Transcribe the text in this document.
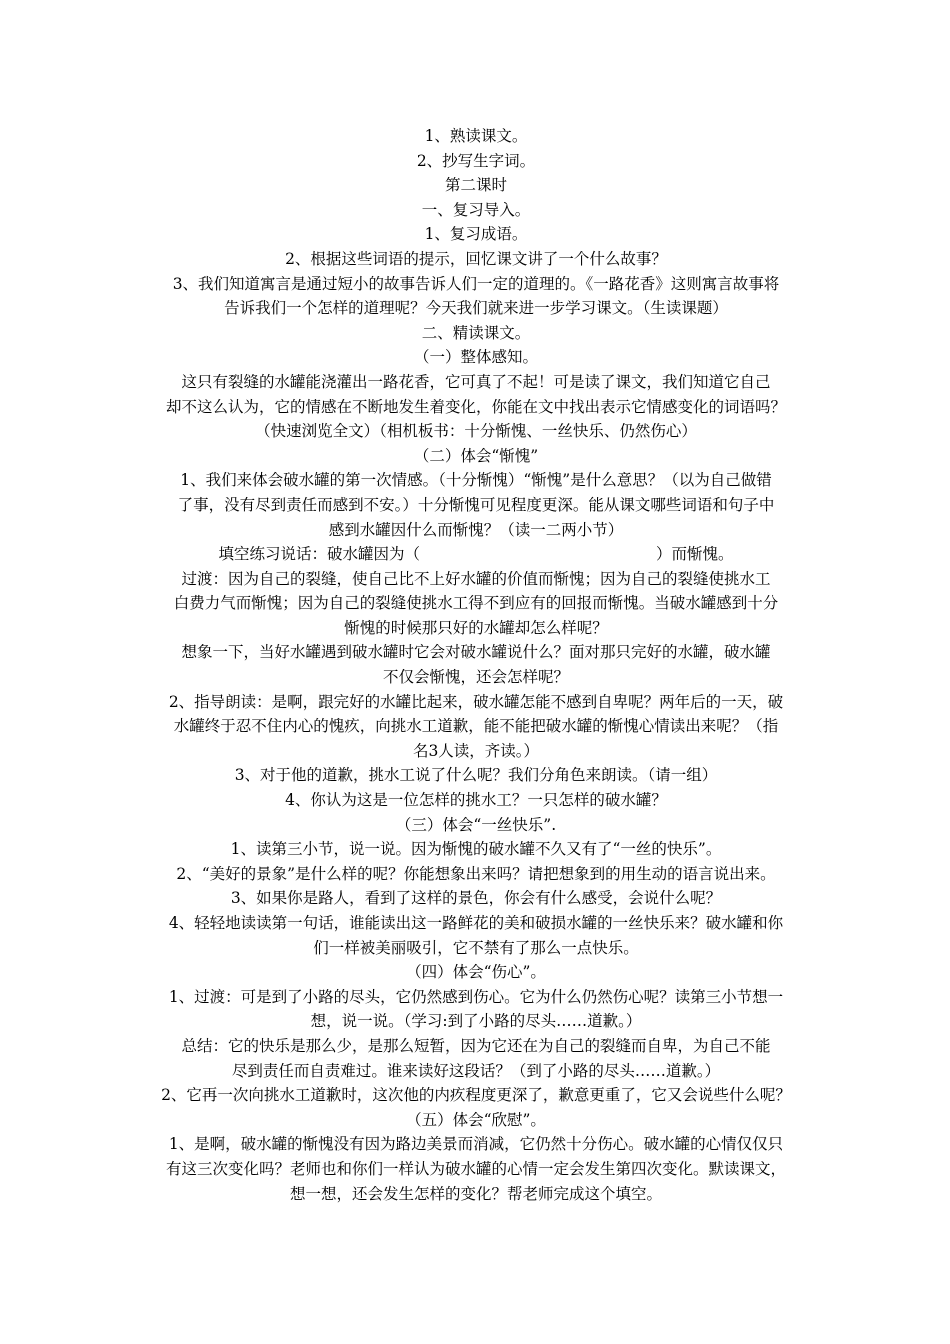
1、熟读课文。
2、抄写生字词。
第二课时
一、复习导入。
1、复习成语。
2、根据这些词语的提示，回忆课文讲了一个什么故事？
3、我们知道寓言是通过短小的故事告诉人们一定的道理的。《一路花香》这则寓言故事将
告诉我们一个怎样的道理呢？今天我们就来进一步学习课文。（生读课题）
二、精读课文。
（一）整体感知。
这只有裂缝的水罐能浇灌出一路花香，它可真了不起！可是读了课文，我们知道它自己
却不这么认为，它的情感在不断地发生着变化，你能在文中找出表示它情感变化的词语吗？
（快速浏览全文）（相机板书：十分惭愧、一丝快乐、仍然伤心）
（二）体会“惭愧”
1、我们来体会破水罐的第一次情感。（十分惭愧）“惭愧”是什么意思？（以为自己做错
了事，没有尽到责任而感到不安。）十分惭愧可见程度更深。能从课文哪些词语和句子中
感到水罐因什么而惭愧？（读一二两小节）
填空练习说话：破水罐因为（	）而惭愧。
过渡：因为自己的裂缝，使自己比不上好水罐的价值而惭愧；因为自己的裂缝使挑水工
白费力气而惭愧；因为自己的裂缝使挑水工得不到应有的回报而惭愧。当破水罐感到十分
惭愧的时候那只好的水罐却怎么样呢？
想象一下，当好水罐遇到破水罐时它会对破水罐说什么？面对那只完好的水罐，破水罐
不仅会惭愧，还会怎样呢？
2、指导朗读：是啊，跟完好的水罐比起来，破水罐怎能不感到自卑呢？两年后的一天，破
水罐终于忍不住内心的愧疚，向挑水工道歉，能不能把破水罐的惭愧心情读出来呢？（指
名3人读，齐读。）
3、对于他的道歉，挑水工说了什么呢？我们分角色来朗读。（请一组）
4、你认为这是一位怎样的挑水工？一只怎样的破水罐？
（三）体会“一丝快乐”.
1、读第三小节，说一说。因为惭愧的破水罐不久又有了“一丝的快乐”。
2、“美好的景象”是什么样的呢？你能想象出来吗？请把想象到的用生动的语言说出来。
3、如果你是路人，看到了这样的景色，你会有什么感受，会说什么呢？
4、轻轻地读读第一句话，谁能读出这一路鲜花的美和破损水罐的一丝快乐来？破水罐和你
们一样被美丽吸引，它不禁有了那么一点快乐。
（四）体会“伤心”。
1、过渡：可是到了小路的尽头，它仍然感到伤心。它为什么仍然伤心呢？读第三小节想一
想，说一说。（学习:到了小路的尽头……道歉。）
总结：它的快乐是那么少，是那么短暂，因为它还在为自己的裂缝而自卑，为自己不能
尽到责任而自责难过。谁来读好这段话？（到了小路的尽头……道歉。）
2、它再一次向挑水工道歉时，这次他的内疚程度更深了，歉意更重了，它又会说些什么呢？
（五）体会“欣慰”。
1、是啊，破水罐的惭愧没有因为路边美景而消减，它仍然十分伤心。破水罐的心情仅仅只
有这三次变化吗？老师也和你们一样认为破水罐的心情一定会发生第四次变化。默读课文，
想一想，还会发生怎样的变化？帮老师完成这个填空。
